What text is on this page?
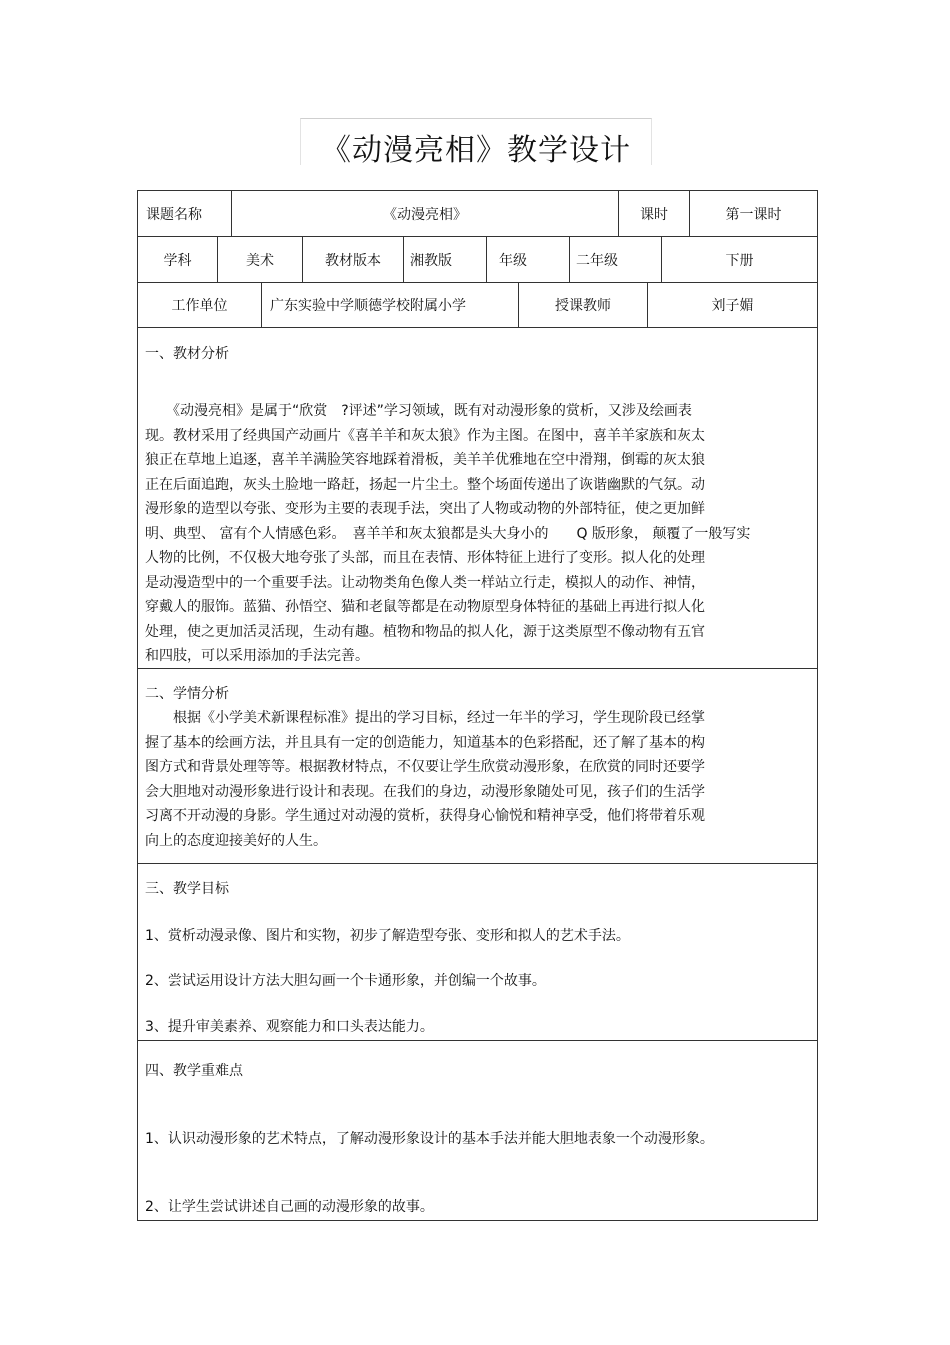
《动漫亮相》教学设计
课题名称	《动漫亮相》	课时	第一课时
学科	美术	教材版本	湘教版	年级	二年级	下册
工作单位	广东实验中学顺德学校附属小学	授课教师	刘子媚
一、教材分析
　　《动漫亮相》是属于“欣赏　?评述”学习领域，既有对动漫形象的赏析，又涉及绘画表
现。教材采用了经典国产动画片《喜羊羊和灰太狼》作为主图。在图中，喜羊羊家族和灰太
狼正在草地上追逐，喜羊羊满脸笑容地踩着滑板，美羊羊优雅地在空中滑翔，倒霉的灰太狼
正在后面追跑，灰头土脸地一路赶，扬起一片尘土。整个场面传递出了诙谐幽默的气氛。动
漫形象的造型以夸张、变形为主要的表现手法，突出了人物或动物的外部特征，使之更加鲜
明、典型、 富有个人情感色彩。　喜羊羊和灰太狼都是头大身小的　　Q 版形象， 颠覆了一般写实
人物的比例，不仅极大地夸张了头部，而且在表情、形体特征上进行了变形。拟人化的处理
是动漫造型中的一个重要手法。让动物类角色像人类一样站立行走，模拟人的动作、神情，
穿戴人的服饰。蓝猫、孙悟空、猫和老鼠等都是在动物原型身体特征的基础上再进行拟人化
处理，使之更加活灵活现，生动有趣。植物和物品的拟人化，源于这类原型不像动物有五官
和四肢，可以采用添加的手法完善。
二、学情分析
　　根据《小学美术新课程标准》提出的学习目标，经过一年半的学习，学生现阶段已经掌
握了基本的绘画方法，并且具有一定的创造能力，知道基本的色彩搭配，还了解了基本的构
图方式和背景处理等等。根据教材特点，不仅要让学生欣赏动漫形象，在欣赏的同时还要学
会大胆地对动漫形象进行设计和表现。在我们的身边，动漫形象随处可见，孩子们的生活学
习离不开动漫的身影。学生通过对动漫的赏析，获得身心愉悦和精神享受，他们将带着乐观
向上的态度迎接美好的人生。
三、教学目标
1、赏析动漫录像、图片和实物，初步了解造型夸张、变形和拟人的艺术手法。
2、尝试运用设计方法大胆勾画一个卡通形象，并创编一个故事。
3、提升审美素养、观察能力和口头表达能力。
四、教学重难点
1、认识动漫形象的艺术特点，了解动漫形象设计的基本手法并能大胆地表象一个动漫形象。
2、让学生尝试讲述自己画的动漫形象的故事。
